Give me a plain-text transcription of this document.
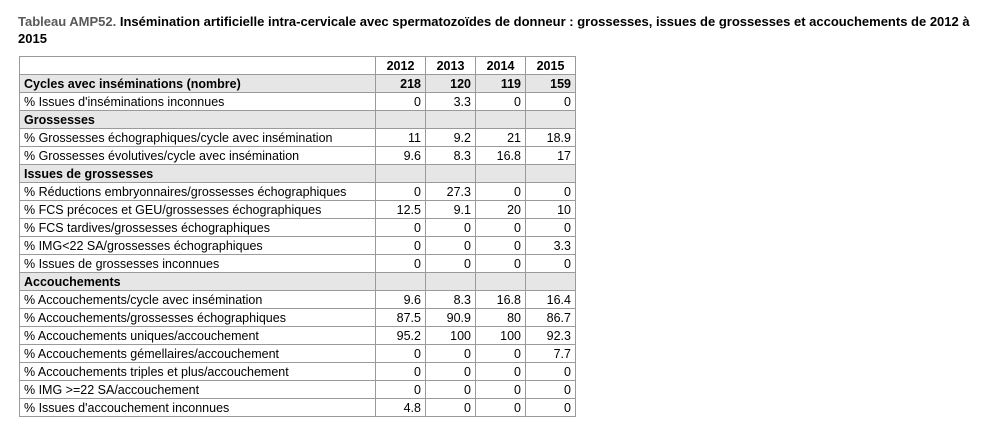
Tableau AMP52. Insémination artificielle intra-cervicale avec spermatozoïdes de donneur : grossesses, issues de grossesses et accouchements de 2012 à 2015
	2012	2013	2014	2015
Cycles avec inséminations (nombre)	218	120	119	159
% Issues d'inséminations inconnues	0	3.3	0	0
Grossesses				
% Grossesses échographiques/cycle avec insémination	11	9.2	21	18.9
% Grossesses évolutives/cycle avec insémination	9.6	8.3	16.8	17
Issues de grossesses				
% Réductions embryonnaires/grossesses échographiques	0	27.3	0	0
% FCS précoces et GEU/grossesses échographiques	12.5	9.1	20	10
% FCS tardives/grossesses échographiques	0	0	0	0
% IMG<22 SA/grossesses échographiques	0	0	0	3.3
% Issues de grossesses inconnues	0	0	0	0
Accouchements				
% Accouchements/cycle avec insémination	9.6	8.3	16.8	16.4
% Accouchements/grossesses échographiques	87.5	90.9	80	86.7
% Accouchements uniques/accouchement	95.2	100	100	92.3
% Accouchements gémellaires/accouchement	0	0	0	7.7
% Accouchements triples et plus/accouchement	0	0	0	0
% IMG >=22 SA/accouchement	0	0	0	0
% Issues d'accouchement inconnues	4.8	0	0	0
